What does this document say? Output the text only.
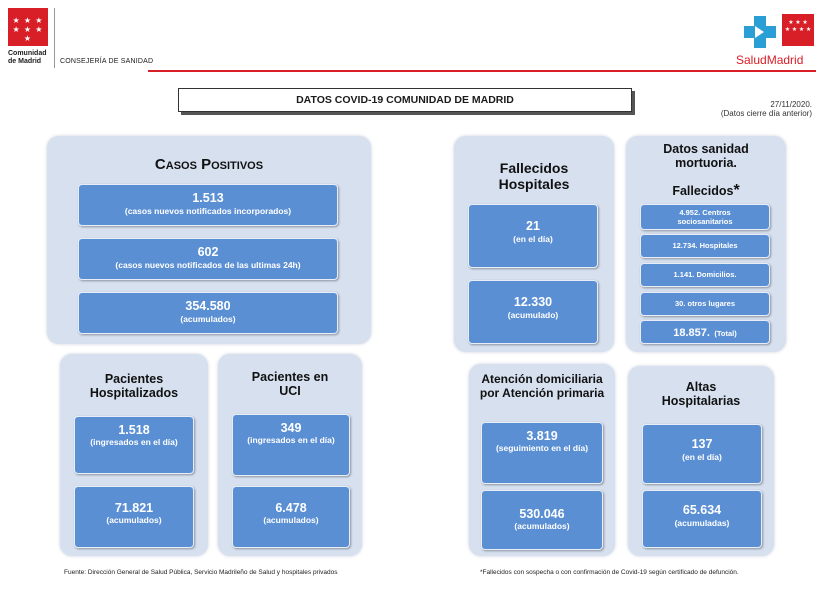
★ ★ ★
★ ★ ★ ★
Comunidad
de Madrid	CONSEJERÍA DE SANIDAD
★ ★ ★
★ ★ ★ ★
SaludMadrid
DATOS COVID-19 COMUNIDAD DE MADRID	27/11/2020.
(Datos cierre día anterior)
Casos Positivos
1.513
(casos nuevos notificados incorporados)
602
(casos nuevos notificados de las ultimas 24h)
354.580
(acumulados)
Pacientes Hospitalizados
1.518
(ingresados en el día)
71.821
(acumulados)
Pacientes en UCI
349
(ingresados en el día)
6.478
(acumulados)
Fallecidos Hospitales
21
(en el día)
12.330
(acumulado)
Datos sanidad mortuoria.
Fallecidos*
4.952. Centros sociosanitarios
12.734. Hospitales
1.141. Domicilios.
30. otros lugares
18.857. (Total)
Atención domiciliaria por Atención primaria
3.819
(seguimiento en el día)
530.046
(acumulados)
Altas Hospitalarias
137
(en el día)
65.634
(acumuladas)
Fuente: Dirección General de Salud Pública, Servicio Madrileño de Salud y hospitales privados	*Fallecidos con sospecha o con confirmación de Covid-19 según certificado de defunción.
